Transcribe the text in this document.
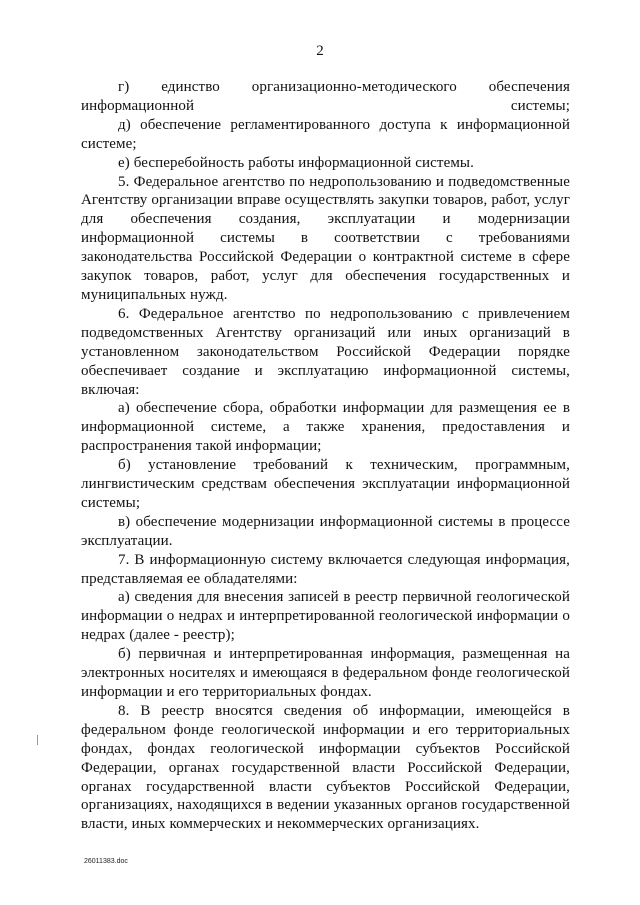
2

г) единство организационно-методического обеспечения информационной системы;

д) обеспечение регламентированного доступа к информационной системе;

е) бесперебойность работы информационной системы.

5. Федеральное агентство по недропользованию и подведомственные Агентству организации вправе осуществлять закупки товаров, работ, услуг для обеспечения создания, эксплуатации и модернизации информационной системы в соответствии с требованиями законодательства Российской Федерации о контрактной системе в сфере закупок товаров, работ, услуг для обеспечения государственных и муниципальных нужд.

6. Федеральное агентство по недропользованию с привлечением подведомственных Агентству организаций или иных организаций в установленном законодательством Российской Федерации порядке обеспечивает создание и эксплуатацию информационной системы, включая:

а) обеспечение сбора, обработки информации для размещения ее в информационной системе, а также хранения, предоставления и распространения такой информации;

б) установление требований к техническим, программным, лингвистическим средствам обеспечения эксплуатации информационной системы;

в) обеспечение модернизации информационной системы в процессе эксплуатации.

7. В информационную систему включается следующая информация, представляемая ее обладателями:

а) сведения для внесения записей в реестр первичной геологической информации о недрах и интерпретированной геологической информации о недрах (далее - реестр);

б) первичная и интерпретированная информация, размещенная на электронных носителях и имеющаяся в федеральном фонде геологической информации и его территориальных фондах.

8. В реестр вносятся сведения об информации, имеющейся в федеральном фонде геологической информации и его территориальных фондах, фондах геологической информации субъектов Российской Федерации, органах государственной власти Российской Федерации, органах государственной власти субъектов Российской Федерации, организациях, находящихся в ведении указанных органов государственной власти, иных коммерческих и некоммерческих организациях.

26011383.doc
